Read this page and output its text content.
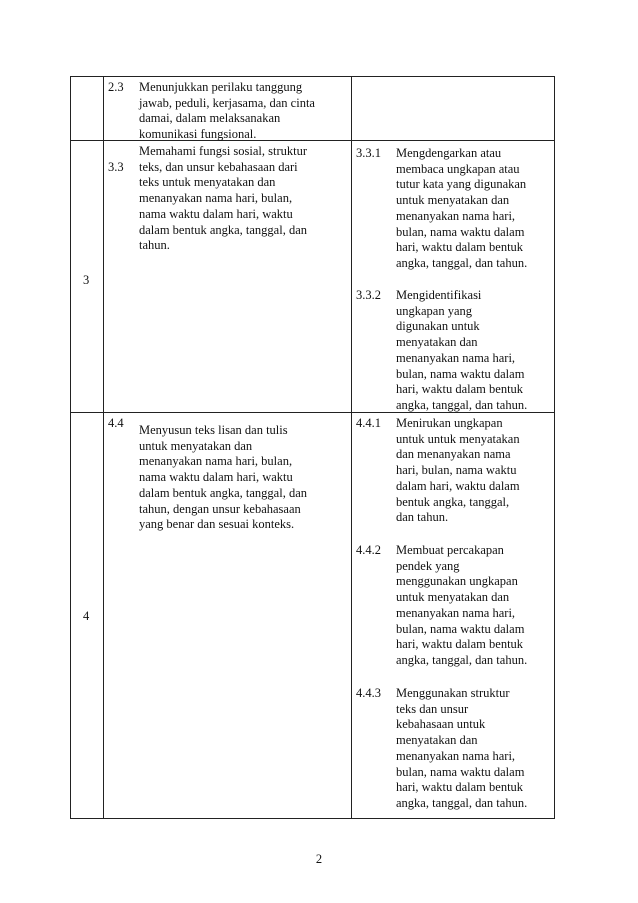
2.3 Menunjukkan perilaku tanggung
jawab, peduli, kerjasama, dan cinta
damai, dalam melaksanakan
komunikasi fungsional.
3
3.3
Memahami fungsi sosial, struktur
teks, dan unsur kebahasaan dari
teks untuk menyatakan dan
menanyakan nama hari, bulan,
nama waktu dalam hari, waktu
dalam bentuk angka, tanggal, dan
tahun.
3.3.1 Mengdengarkan atau
membaca ungkapan atau
tutur kata yang digunakan
untuk menyatakan dan
menanyakan nama hari,
bulan, nama waktu dalam
hari, waktu dalam bentuk
angka, tanggal, dan tahun.
3.3.2 Mengidentifikasi
ungkapan yang
digunakan untuk
menyatakan dan
menanyakan nama hari,
bulan, nama waktu dalam
hari, waktu dalam bentuk
angka, tanggal, dan tahun.
4
4.4 Menyusun teks lisan dan tulis
untuk menyatakan dan
menanyakan nama hari, bulan,
nama waktu dalam hari, waktu
dalam bentuk angka, tanggal, dan
tahun, dengan unsur kebahasaan
yang benar dan sesuai konteks.
4.4.1 Menirukan ungkapan
untuk untuk menyatakan
dan menanyakan nama
hari, bulan, nama waktu
dalam hari, waktu dalam
bentuk angka, tanggal,
dan tahun.
4.4.2 Membuat percakapan
pendek yang
menggunakan ungkapan
untuk menyatakan dan
menanyakan nama hari,
bulan, nama waktu dalam
hari, waktu dalam bentuk
angka, tanggal, dan tahun.
4.4.3 Menggunakan struktur
teks dan unsur
kebahasaan untuk
menyatakan dan
menanyakan nama hari,
bulan, nama waktu dalam
hari, waktu dalam bentuk
angka, tanggal, dan tahun.
2
